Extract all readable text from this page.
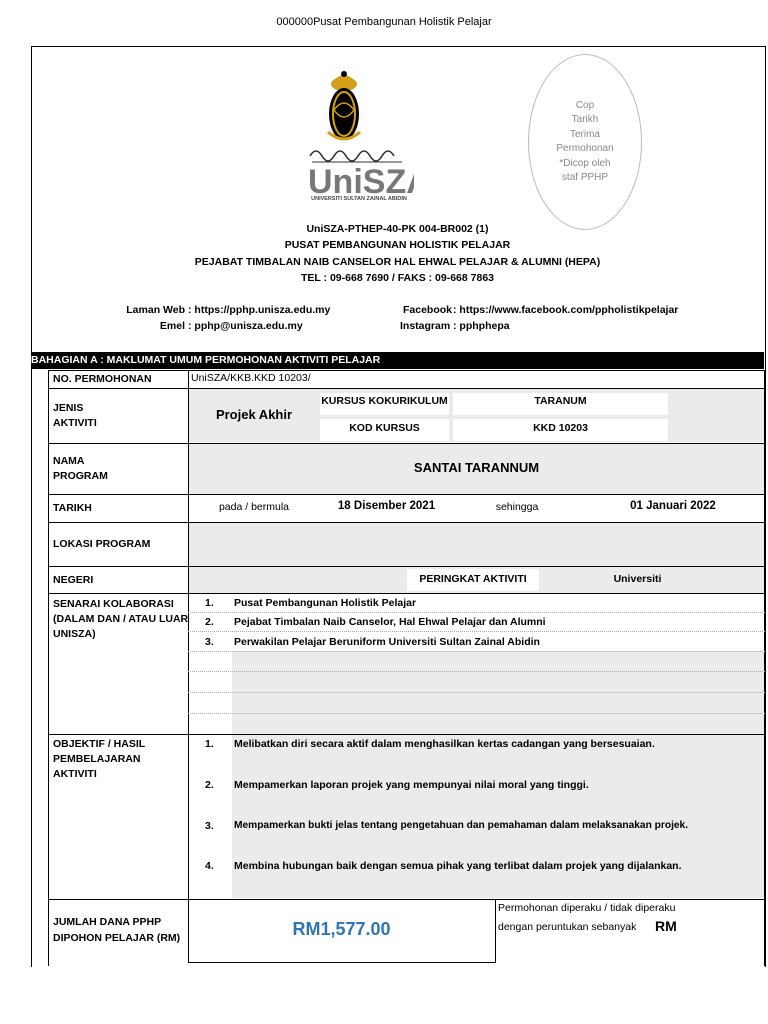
000000Pusat Pembangunan Holistik Pelajar
UniSZ
UNIVERSITI SULTAN ZAINAL ABIDIN
Cop
Tarikh
Terima
Permohonan
*Dicop oleh
staf PPHP
UniSZA-PTHEP-40-PK 004-BR002 (1)
PUSAT PEMBANGUNAN HOLISTIK PELAJAR
PEJABAT TIMBALAN NAIB CANSELOR HAL EHWAL PELAJAR & ALUMNI (HEPA)
TEL : 09-668 7690 / FAKS : 09-668 7863
Laman Web : https://pphp.unisza.edu.my
Emel : pphp@unisza.edu.my
Facebook : https://www.facebook.com/ppholistikpelajar
Instagram : pphphepa
BAHAGIAN A : MAKLUMAT UMUM PERMOHONAN AKTIVITI PELAJAR
NO. PERMOHONAN	UniSZA/KKB.KKD 10203/
JENIS
AKTIVITI
Projek Akhir
KURSUS KOKURIKULUM	TARANUM
KOD KURSUS	KKD 10203
NAMA
PROGRAM
SANTAI TARANNUM
TARIKH	pada / bermula	18 Disember 2021	sehingga	01 Januari 2022
LOKASI PROGRAM
NEGERI	PERINGKAT AKTIVITI	Universiti
SENARAI KOLABORASI
(DALAM DAN / ATAU LUAR
UNISZA)
1. Pusat Pembangunan Holistik Pelajar
2. Pejabat Timbalan Naib Canselor, Hal Ehwal Pelajar dan Alumni
3. Perwakilan Pelajar Beruniform Universiti Sultan Zainal Abidin
OBJEKTIF / HASIL
PEMBELAJARAN
AKTIVITI
1. Melibatkan diri secara aktif dalam menghasilkan kertas cadangan yang bersesuaian.
2. Mempamerkan laporan projek yang mempunyai nilai moral yang tinggi.
3. Mempamerkan bukti jelas tentang pengetahuan dan pemahaman dalam melaksanakan projek.
4. Membina hubungan baik dengan semua pihak yang terlibat dalam projek yang dijalankan.
JUMLAH DANA PPHP
DIPOHON PELAJAR (RM)	RM1,577.00
Permohonan diperaku / tidak diperaku
dengan peruntukan sebanyak RM
